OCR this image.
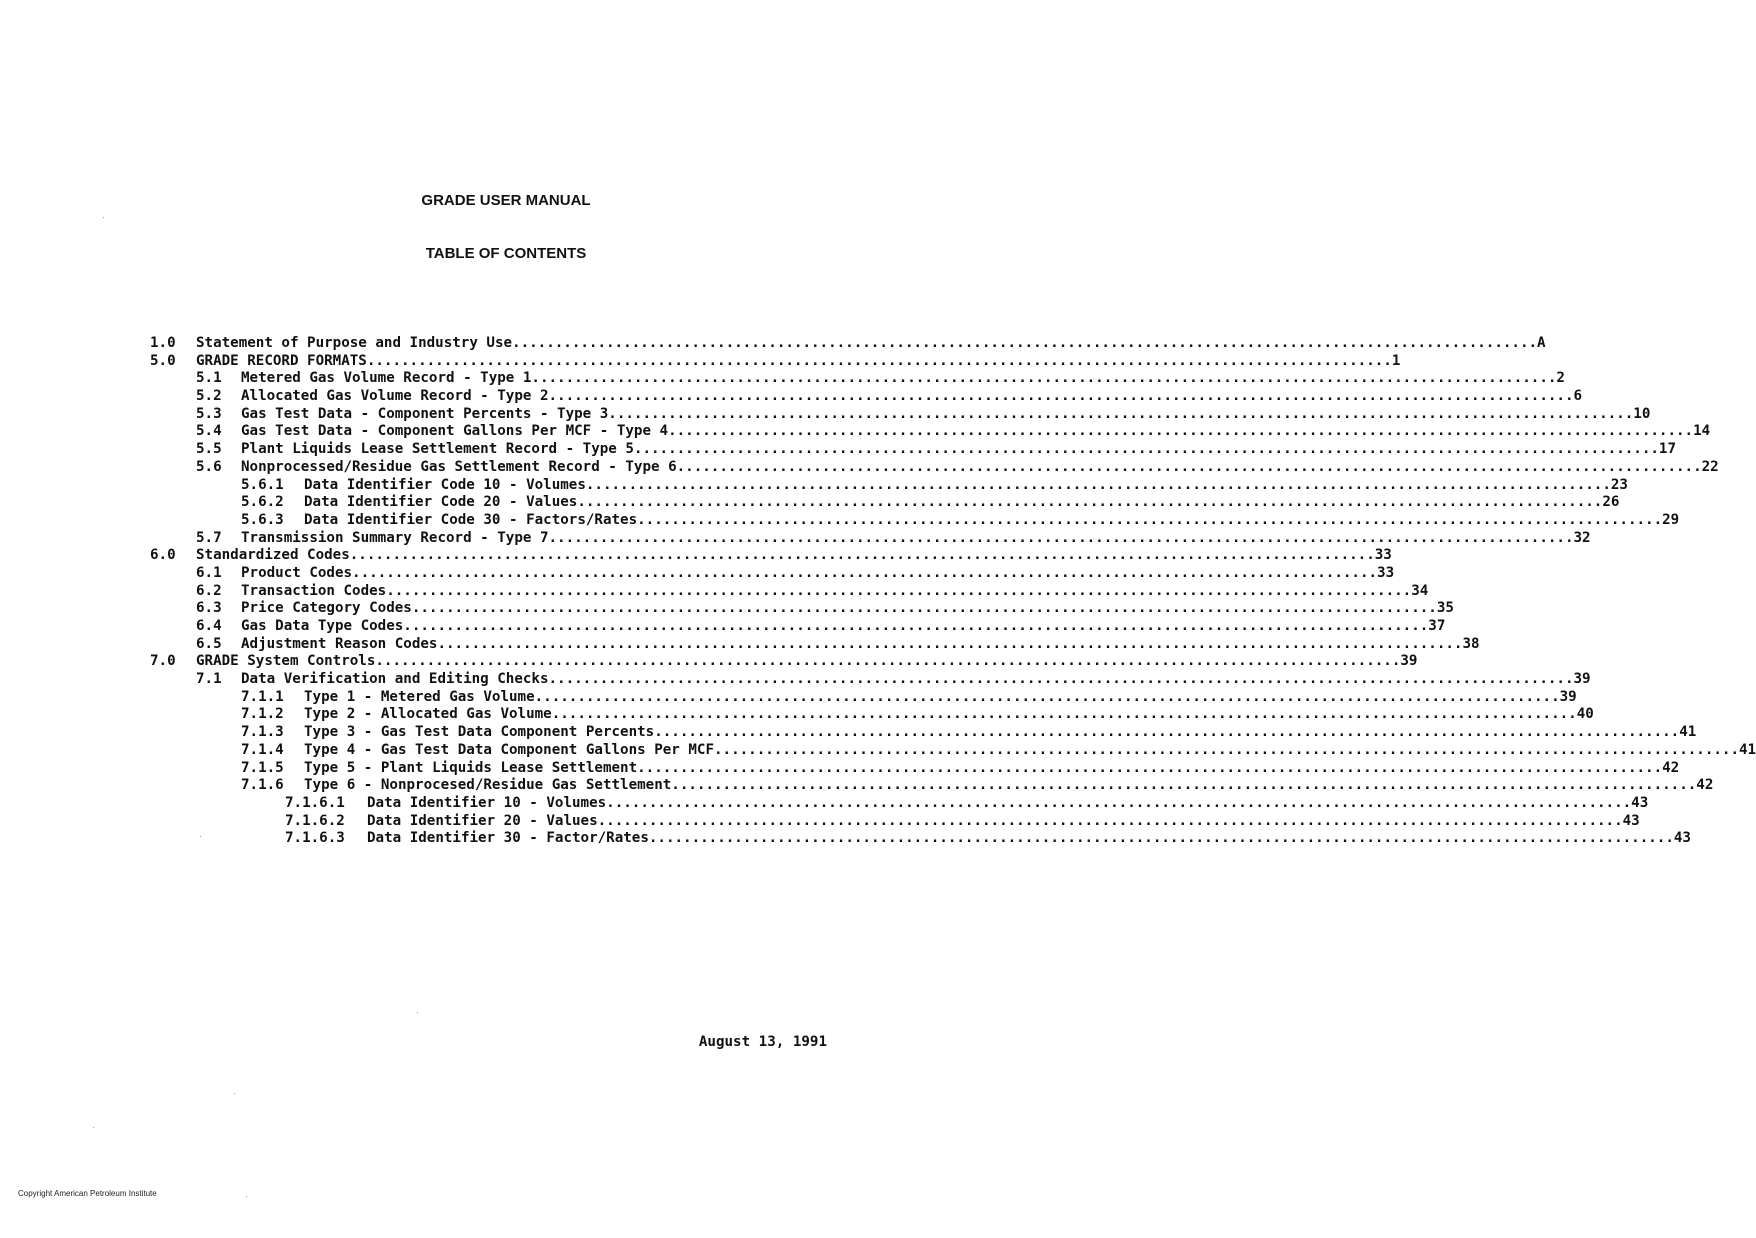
GRADE USER MANUAL
TABLE OF CONTENTS
1.0 Statement of Purpose and Industry Use ........................................................................................................................ A
5.0 GRADE RECORD FORMATS ........................................................................................................................ 1
5.1 Metered Gas Volume Record - Type 1 ........................................................................................................................ 2
5.2 Allocated Gas Volume Record - Type 2 ........................................................................................................................ 6
5.3 Gas Test Data - Component Percents - Type 3 ........................................................................................................................ 10
5.4 Gas Test Data - Component Gallons Per MCF - Type 4 ........................................................................................................................ 14
5.5 Plant Liquids Lease Settlement Record - Type 5 ........................................................................................................................ 17
5.6 Nonprocessed/Residue Gas Settlement Record - Type 6 ........................................................................................................................ 22
5.6.1 Data Identifier Code 10 - Volumes ........................................................................................................................ 23
5.6.2 Data Identifier Code 20 - Values ........................................................................................................................ 26
5.6.3 Data Identifier Code 30 - Factors/Rates ........................................................................................................................ 29
5.7 Transmission Summary Record - Type 7 ........................................................................................................................ 32
6.0 Standardized Codes ........................................................................................................................ 33
6.1 Product Codes ........................................................................................................................ 33
6.2 Transaction Codes ........................................................................................................................ 34
6.3 Price Category Codes ........................................................................................................................ 35
6.4 Gas Data Type Codes ........................................................................................................................ 37
6.5 Adjustment Reason Codes ........................................................................................................................ 38
7.0 GRADE System Controls ........................................................................................................................ 39
7.1 Data Verification and Editing Checks ........................................................................................................................ 39
7.1.1 Type 1 - Metered Gas Volume ........................................................................................................................ 39
7.1.2 Type 2 - Allocated Gas Volume ........................................................................................................................ 40
7.1.3 Type 3 - Gas Test Data Component Percents ........................................................................................................................ 41
7.1.4 Type 4 - Gas Test Data Component Gallons Per MCF ........................................................................................................................ 41
7.1.5 Type 5 - Plant Liquids Lease Settlement ........................................................................................................................ 42
7.1.6 Type 6 - Nonprocesed/Residue Gas Settlement ........................................................................................................................ 42
7.1.6.1 Data Identifier 10 - Volumes ........................................................................................................................ 43
7.1.6.2 Data Identifier 20 - Values ........................................................................................................................ 43
7.1.6.3 Data Identifier 30 - Factor/Rates ........................................................................................................................ 43
August 13, 1991
Copyright American Petroleum Institute
